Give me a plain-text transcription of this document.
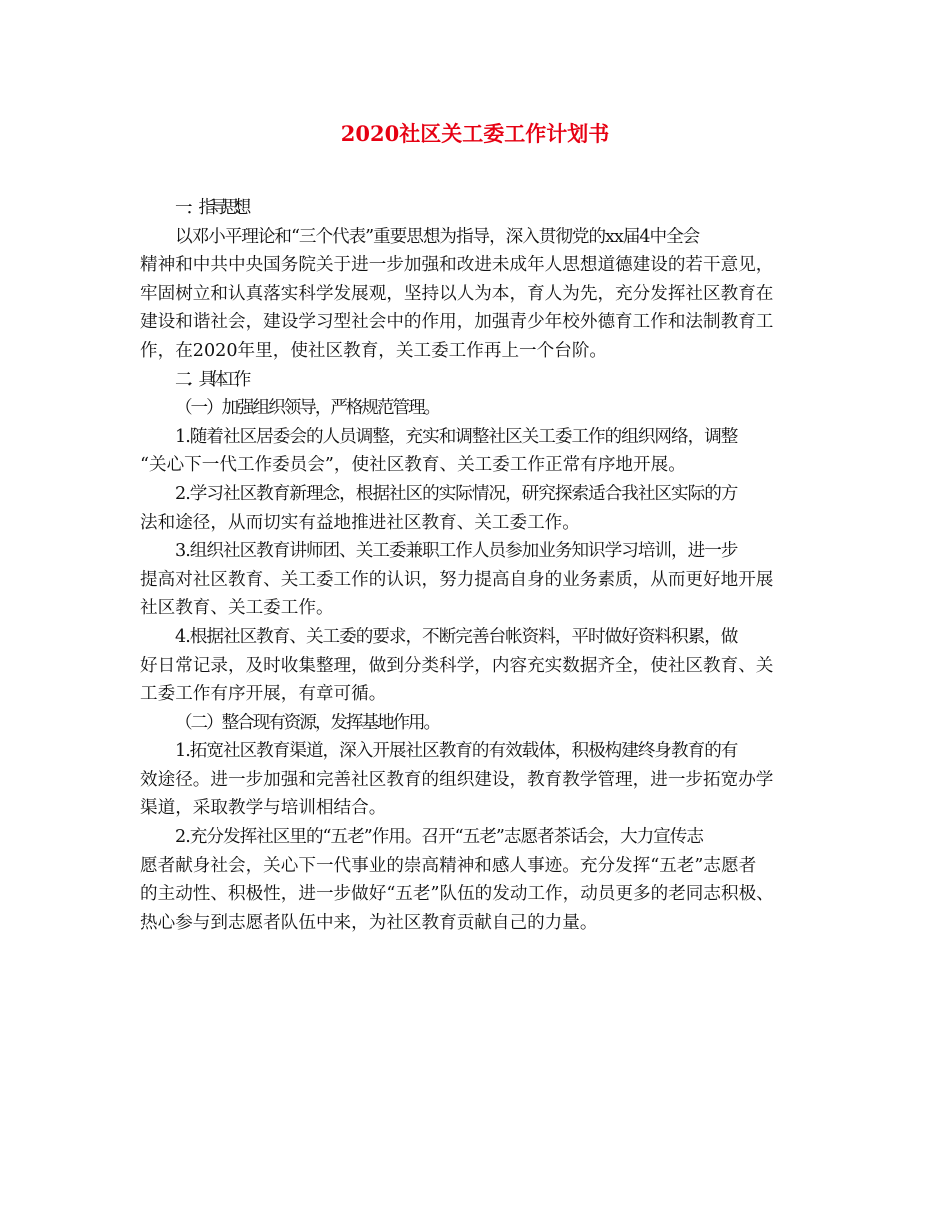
2020社区关工委工作计划书
一．指导思想
以邓小平理论和“三个代表”重要思想为指导，深入贯彻党的xx届4中全会
精神和中共中央国务院关于进一步加强和改进未成年人思想道德建设的若干意见，
牢固树立和认真落实科学发展观，坚持以人为本，育人为先，充分发挥社区教育在
建设和谐社会，建设学习型社会中的作用，加强青少年校外德育工作和法制教育工
作，在2020年里，使社区教育，关工委工作再上一个台阶。
二．具体工作
（一）加强组织领导，严格规范管理。
1.随着社区居委会的人员调整，充实和调整社区关工委工作的组织网络，调整
“关心下一代工作委员会”，使社区教育、关工委工作正常有序地开展。
2.学习社区教育新理念，根据社区的实际情况，研究探索适合我社区实际的方
法和途径，从而切实有益地推进社区教育、关工委工作。
3.组织社区教育讲师团、关工委兼职工作人员参加业务知识学习培训，进一步
提高对社区教育、关工委工作的认识，努力提高自身的业务素质，从而更好地开展
社区教育、关工委工作。
4.根据社区教育、关工委的要求，不断完善台帐资料，平时做好资料积累，做
好日常记录，及时收集整理，做到分类科学，内容充实数据齐全，使社区教育、关
工委工作有序开展，有章可循。
（二）整合现有资源，发挥基地作用。
1.拓宽社区教育渠道，深入开展社区教育的有效载体，积极构建终身教育的有
效途径。进一步加强和完善社区教育的组织建设，教育教学管理，进一步拓宽办学
渠道，采取教学与培训相结合。
2.充分发挥社区里的“五老”作用。召开“五老”志愿者茶话会，大力宣传志
愿者献身社会，关心下一代事业的崇高精神和感人事迹。充分发挥“五老”志愿者
的主动性、积极性，进一步做好“五老”队伍的发动工作，动员更多的老同志积极、
热心参与到志愿者队伍中来，为社区教育贡献自己的力量。
